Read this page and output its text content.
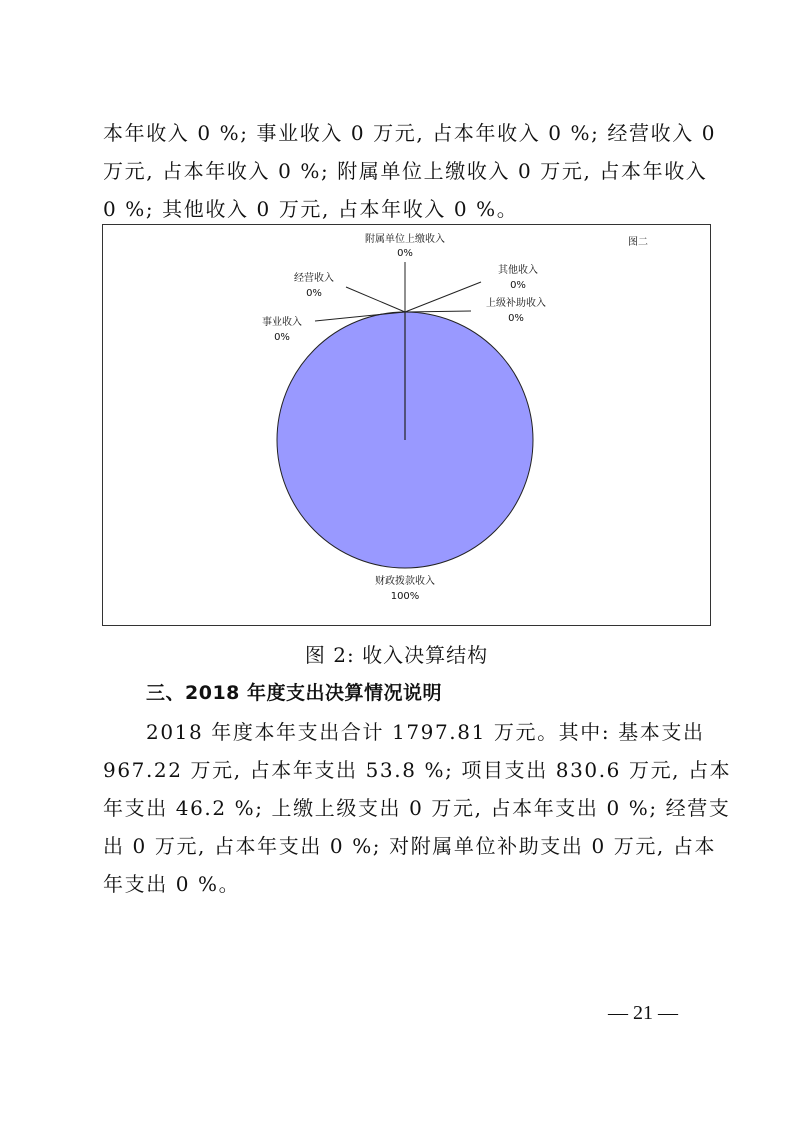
本年收入 0 %; 事业收入 0 万元, 占本年收入 0 %; 经营收入 0
万元, 占本年收入 0 %; 附属单位上缴收入 0 万元, 占本年收入
0 %; 其他收入 0 万元, 占本年收入 0 %。
图二
附属单位上缴收入
0%
经营收入
0%
事业收入
0%
其他收入
0%
上级补助收入
0%
财政拨款收入
100%
图 2: 收入决算结构
三、2018 年度支出决算情况说明
2018 年度本年支出合计 1797.81 万元。其中: 基本支出
967.22 万元, 占本年支出 53.8 %; 项目支出 830.6 万元, 占本
年支出 46.2 %; 上缴上级支出 0 万元, 占本年支出 0 %; 经营支
出 0 万元, 占本年支出 0 %; 对附属单位补助支出 0 万元, 占本
年支出 0 %。
— 21 —
